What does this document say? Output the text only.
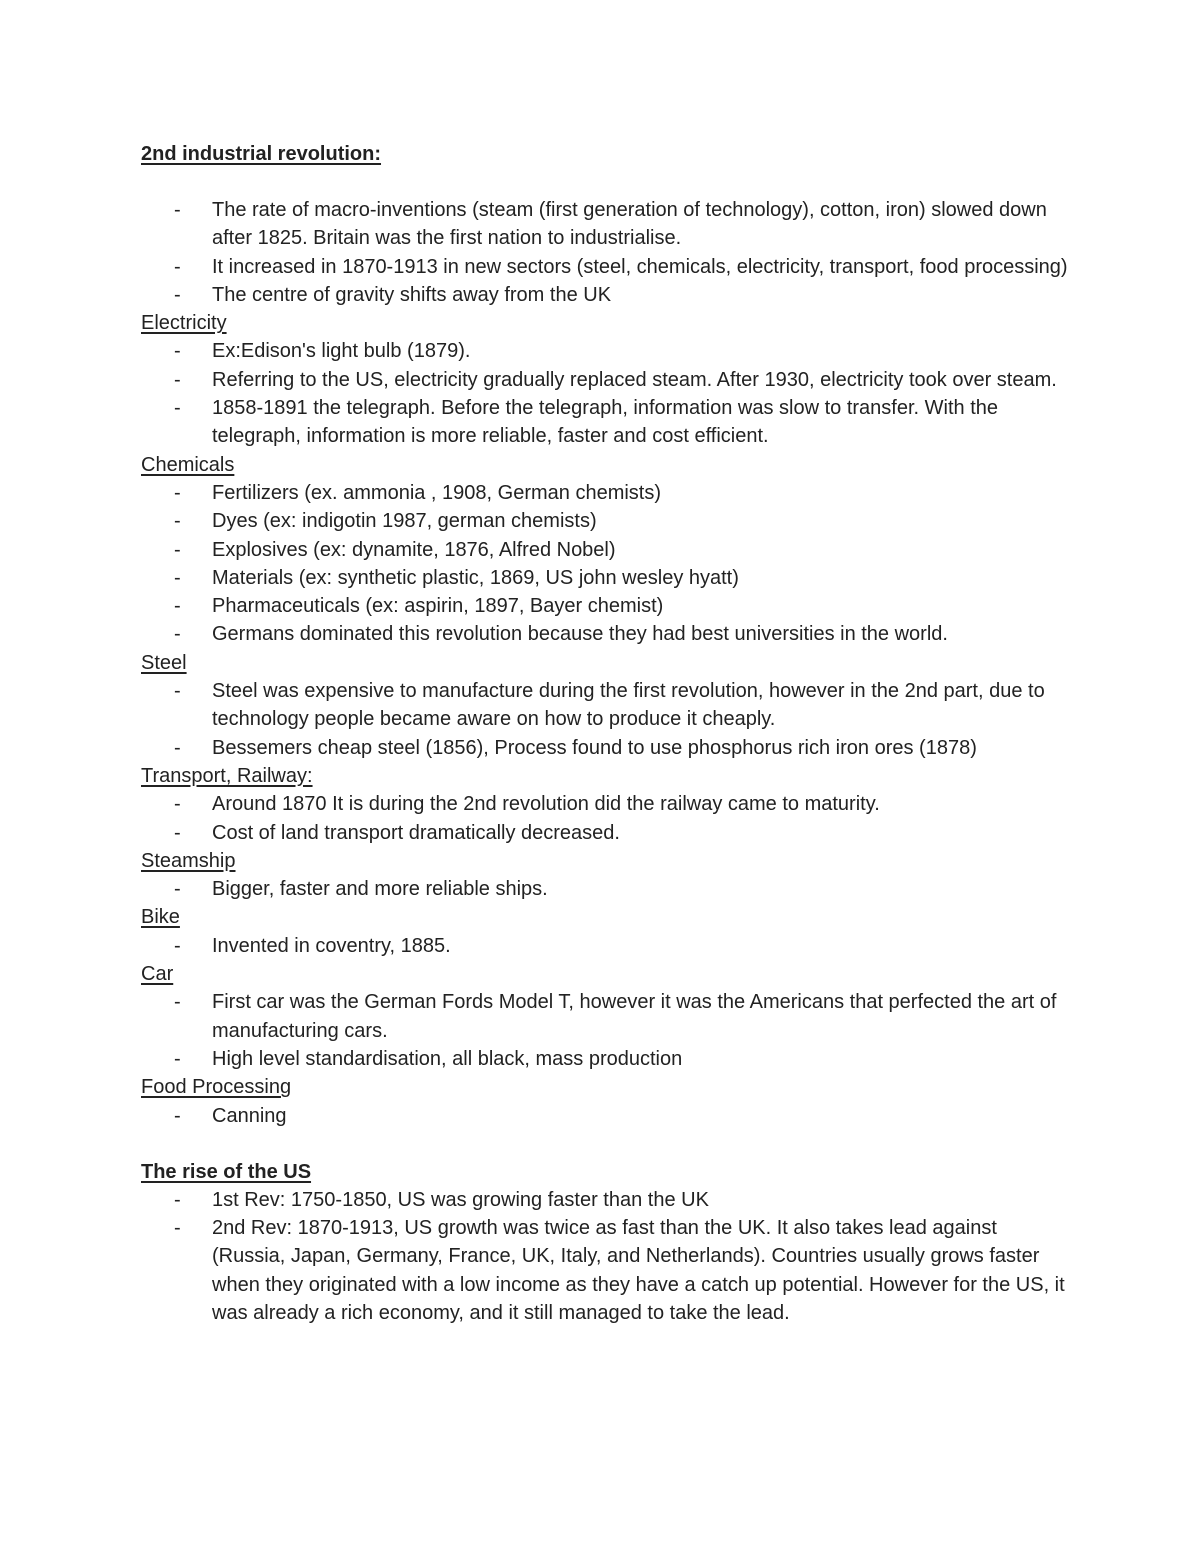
2nd industrial revolution:

- The rate of macro-inventions (steam (first generation of technology), cotton, iron) slowed down after 1825. Britain was the first nation to industrialise.
- It increased in 1870-1913 in new sectors (steel, chemicals, electricity, transport, food processing)
- The centre of gravity shifts away from the UK

Electricity

- Ex:Edison's light bulb (1879).
- Referring to the US, electricity gradually replaced steam. After 1930, electricity took over steam.
- 1858-1891 the telegraph. Before the telegraph, information was slow to transfer. With the telegraph, information is more reliable, faster and cost efficient.

Chemicals

- Fertilizers (ex. ammonia , 1908, German chemists)
- Dyes (ex: indigotin 1987, german chemists)
- Explosives (ex: dynamite, 1876, Alfred Nobel)
- Materials (ex: synthetic plastic, 1869, US john wesley hyatt)
- Pharmaceuticals (ex: aspirin, 1897, Bayer chemist)
- Germans dominated this revolution because they had best universities in the world.

Steel

- Steel was expensive to manufacture during the first revolution, however in the 2nd part, due to technology people became aware on how to produce it cheaply.
- Bessemers cheap steel (1856), Process found to use phosphorus rich iron ores (1878)

Transport, Railway:

- Around 1870 It is during the 2nd revolution did the railway came to maturity.
- Cost of land transport dramatically decreased.

Steamship

- Bigger, faster and more reliable ships.

Bike

- Invented in coventry, 1885.

Car

- First car was the German Fords Model T, however it was the Americans that perfected the art of manufacturing cars.
- High level standardisation, all black, mass production

Food Processing

- Canning

The rise of the US

- 1st Rev: 1750-1850, US was growing faster than the UK
- 2nd Rev: 1870-1913, US growth was twice as fast than the UK. It also takes lead against (Russia, Japan, Germany, France, UK, Italy, and Netherlands). Countries usually grows faster when they originated with a low income as they have a catch up potential. However for the US, it was already a rich economy, and it still managed to take the lead.
